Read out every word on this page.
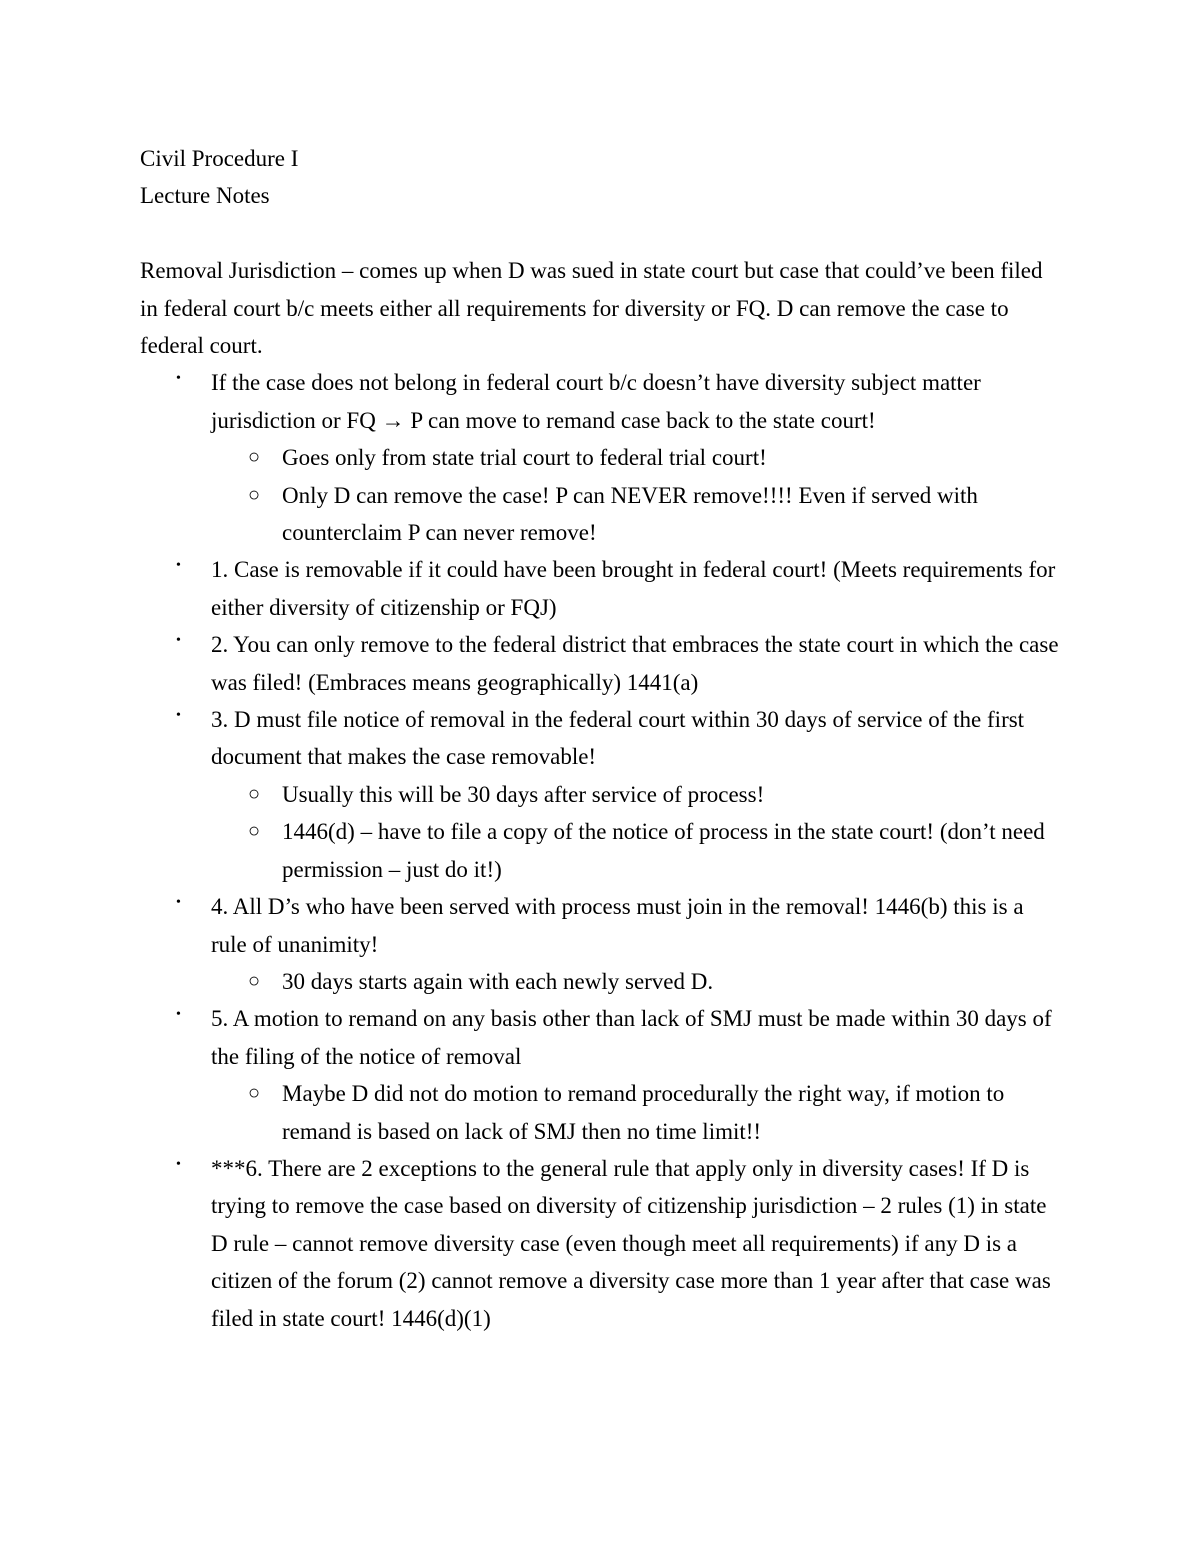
Civil Procedure I

Lecture Notes

Removal Jurisdiction – comes up when D was sued in state court but case that could’ve been filed in federal court b/c meets either all requirements for diversity or FQ. D can remove the case to federal court.

• If the case does not belong in federal court b/c doesn’t have diversity subject matter jurisdiction or FQ → P can move to remand case back to the state court!
○ Goes only from state trial court to federal trial court!
○ Only D can remove the case! P can NEVER remove!!!! Even if served with counterclaim P can never remove!
• 1. Case is removable if it could have been brought in federal court! (Meets requirements for either diversity of citizenship or FQJ)
• 2. You can only remove to the federal district that embraces the state court in which the case was filed! (Embraces means geographically) 1441(a)
• 3. D must file notice of removal in the federal court within 30 days of service of the first document that makes the case removable!
○ Usually this will be 30 days after service of process!
○ 1446(d) – have to file a copy of the notice of process in the state court! (don’t need permission – just do it!)
• 4. All D’s who have been served with process must join in the removal! 1446(b) this is a rule of unanimity!
○ 30 days starts again with each newly served D.
• 5. A motion to remand on any basis other than lack of SMJ must be made within 30 days of the filing of the notice of removal
○ Maybe D did not do motion to remand procedurally the right way, if motion to remand is based on lack of SMJ then no time limit!!
• ***6. There are 2 exceptions to the general rule that apply only in diversity cases! If D is trying to remove the case based on diversity of citizenship jurisdiction – 2 rules (1) in state D rule – cannot remove diversity case (even though meet all requirements) if any D is a citizen of the forum (2) cannot remove a diversity case more than 1 year after that case was filed in state court! 1446(d)(1)
